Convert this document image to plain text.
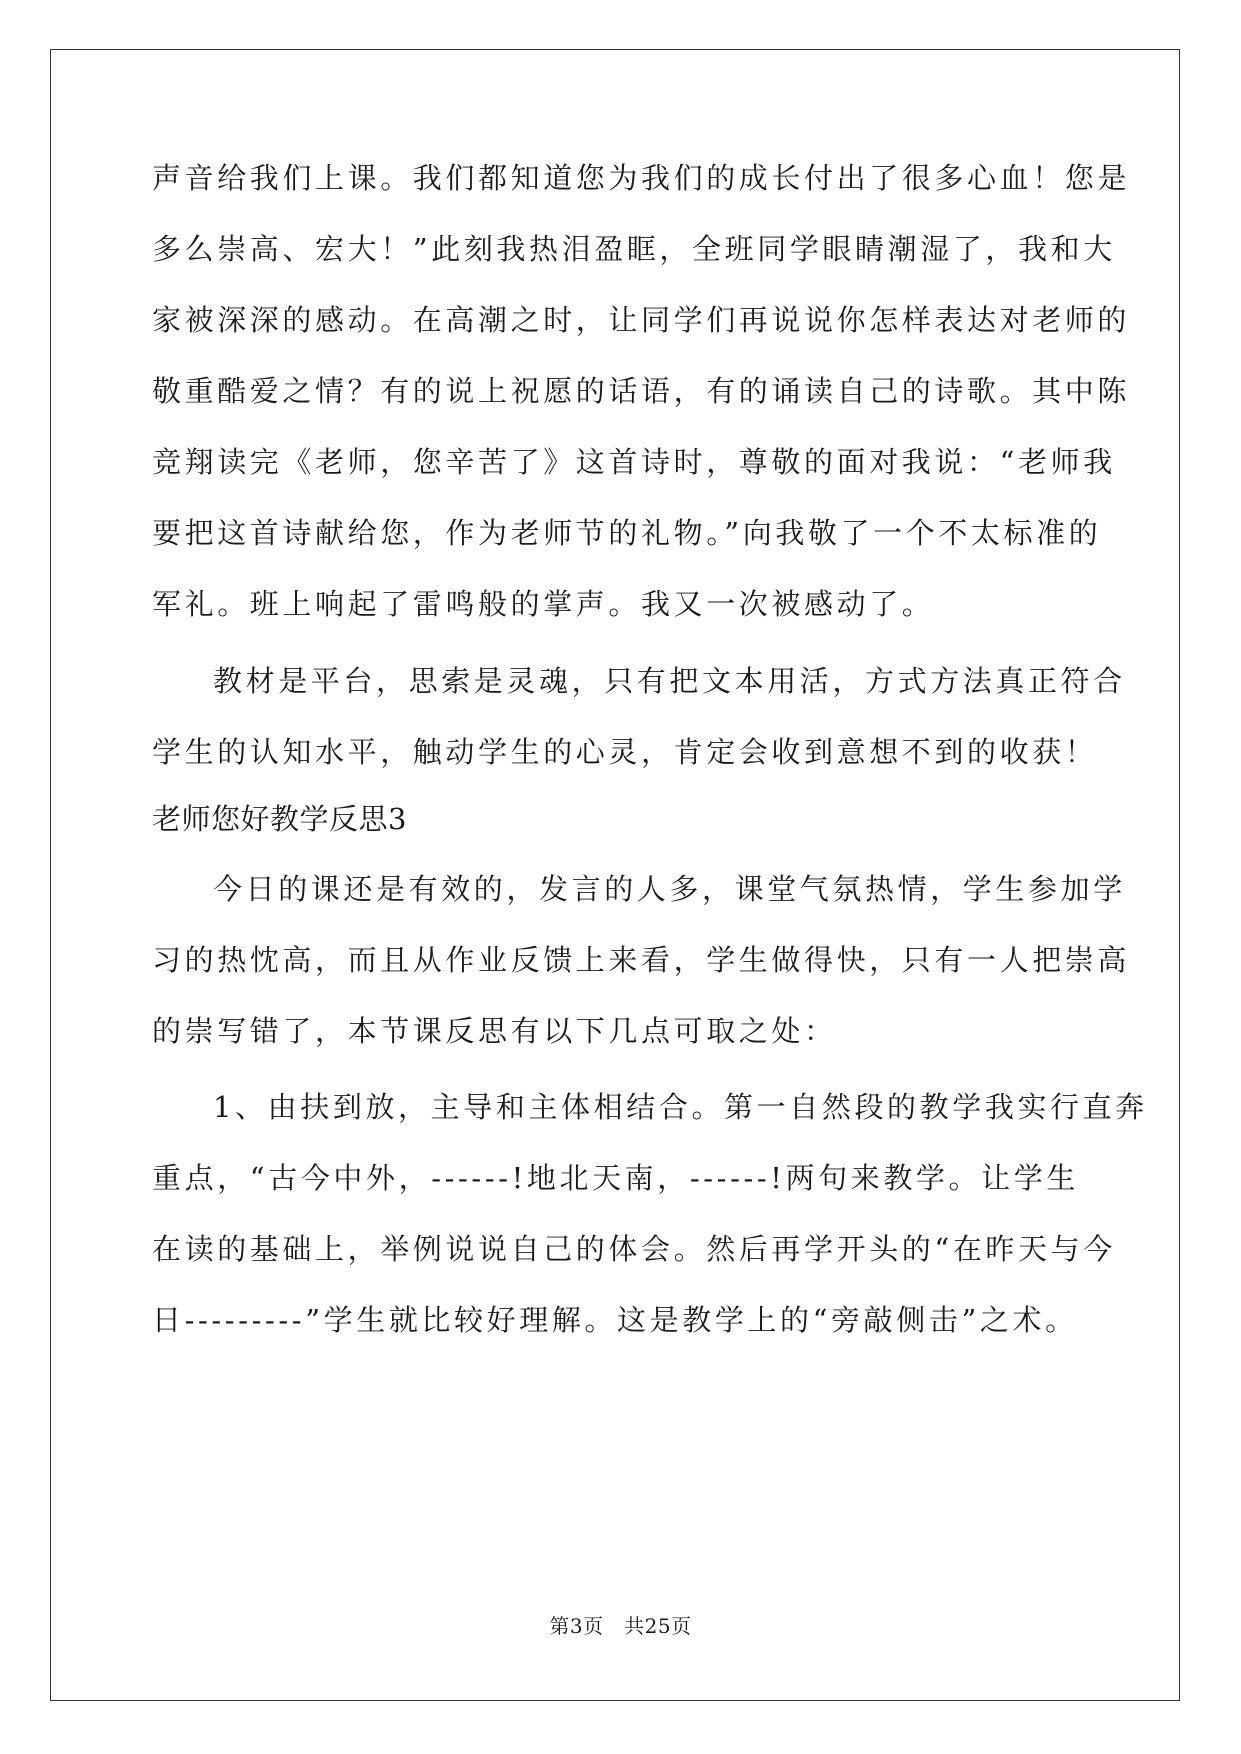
声音给我们上课。我们都知道您为我们的成长付出了很多心血！您是
多么崇高、宏大！”此刻我热泪盈眶，全班同学眼睛潮湿了，我和大
家被深深的感动。在高潮之时，让同学们再说说你怎样表达对老师的
敬重酷爱之情？有的说上祝愿的话语，有的诵读自己的诗歌。其中陈
竞翔读完《老师，您辛苦了》这首诗时，尊敬的面对我说：“老师我
要把这首诗献给您，作为老师节的礼物。”向我敬了一个不太标准的
军礼。班上响起了雷鸣般的掌声。我又一次被感动了。
教材是平台，思索是灵魂，只有把文本用活，方式方法真正符合
学生的认知水平，触动学生的心灵，肯定会收到意想不到的收获！
老师您好教学反思3
今日的课还是有效的，发言的人多，课堂气氛热情，学生参加学
习的热忱高，而且从作业反馈上来看，学生做得快，只有一人把崇高
的崇写错了，本节课反思有以下几点可取之处：
1、由扶到放，主导和主体相结合。第一自然段的教学我实行直奔
重点，“古今中外，------!地北天南，------!两句来教学。让学生
在读的基础上，举例说说自己的体会。然后再学开头的“在昨天与今
日---------”学生就比较好理解。这是教学上的“旁敲侧击”之术。
第3页　共25页
